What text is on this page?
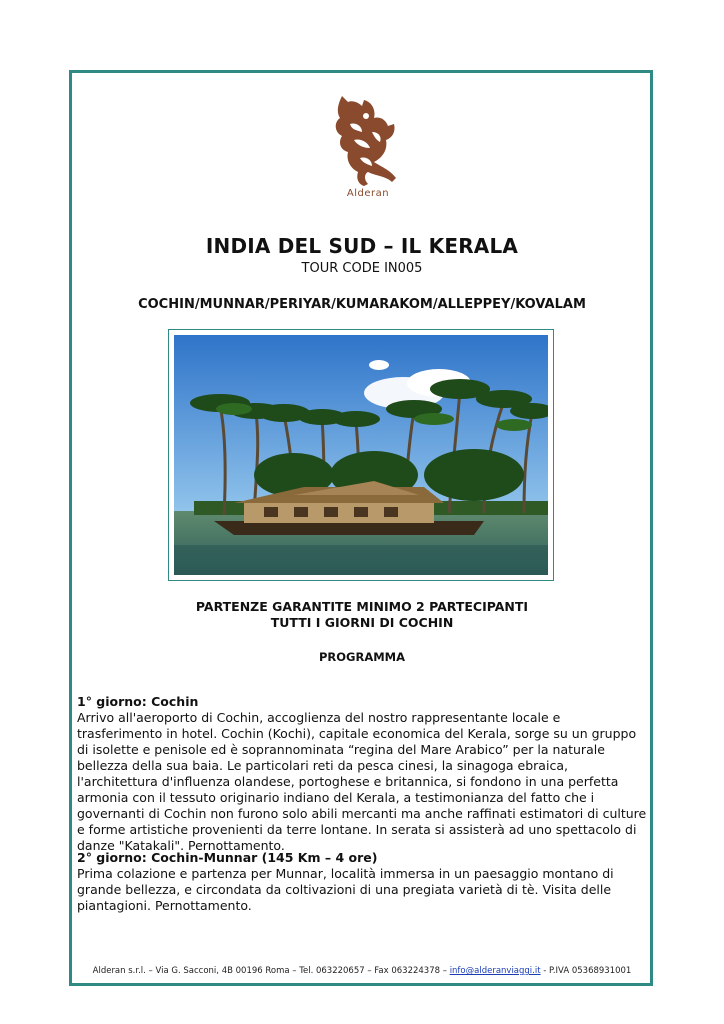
Alderan
INDIA DEL SUD – IL KERALA
TOUR CODE IN005
COCHIN/MUNNAR/PERIYAR/KUMARAKOM/ALLEPPEY/KOVALAM
PARTENZE GARANTITE MINIMO 2 PARTECIPANTI
TUTTI I GIORNI DI COCHIN
PROGRAMMA
1° giorno: Cochin
Arrivo all'aeroporto di Cochin, accoglienza del nostro rappresentante locale e trasferimento in hotel. Cochin (Kochi), capitale economica del Kerala, sorge su un gruppo di isolette e penisole ed è soprannominata “regina del Mare Arabico” per la naturale bellezza della sua baia. Le particolari reti da pesca cinesi, la sinagoga ebraica, l'architettura d'influenza olandese, portoghese e britannica, si fondono in una perfetta armonia con il tessuto originario indiano del Kerala, a testimonianza del fatto che i governanti di Cochin non furono solo abili mercanti ma anche raffinati estimatori di culture e forme artistiche provenienti da terre lontane. In serata si assisterà ad uno spettacolo di danze "Katakali". Pernottamento.
2° giorno: Cochin-Munnar (145 Km – 4 ore)
Prima colazione e partenza per Munnar, località immersa in un paesaggio montano di grande bellezza, e circondata da coltivazioni di una pregiata varietà di tè. Visita delle piantagioni. Pernottamento.
Alderan s.r.l. – Via G. Sacconi, 4B 00196 Roma – Tel. 063220657 – Fax 063224378 – info@alderanviaggi.it - P.IVA 05368931001
